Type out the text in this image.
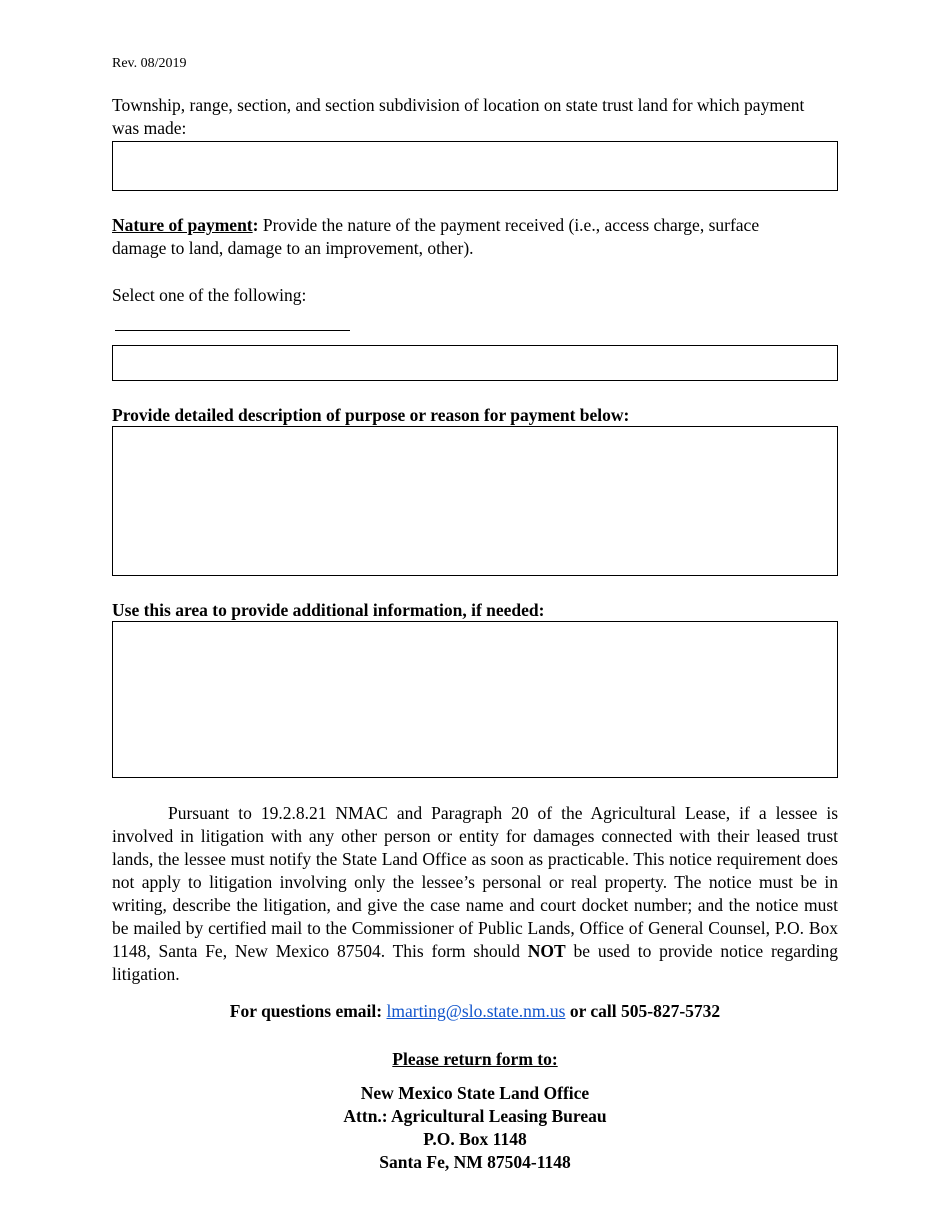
Rev. 08/2019
Township, range, section, and section subdivision of location on state trust land for which payment was made:
Nature of payment: Provide the nature of the payment received (i.e., access charge, surface damage to land, damage to an improvement, other).
Select one of the following:
Provide detailed description of purpose or reason for payment below:
Use this area to provide additional information, if needed:
Pursuant to 19.2.8.21 NMAC and Paragraph 20 of the Agricultural Lease, if a lessee is involved in litigation with any other person or entity for damages connected with their leased trust lands, the lessee must notify the State Land Office as soon as practicable. This notice requirement does not apply to litigation involving only the lessee’s personal or real property. The notice must be in writing, describe the litigation, and give the case name and court docket number; and the notice must be mailed by certified mail to the Commissioner of Public Lands, Office of General Counsel, P.O. Box 1148, Santa Fe, New Mexico 87504. This form should NOT be used to provide notice regarding litigation.
For questions email: lmarting@slo.state.nm.us or call 505-827-5732
Please return form to:
New Mexico State Land Office
Attn.: Agricultural Leasing Bureau
P.O. Box 1148
Santa Fe, NM 87504-1148
